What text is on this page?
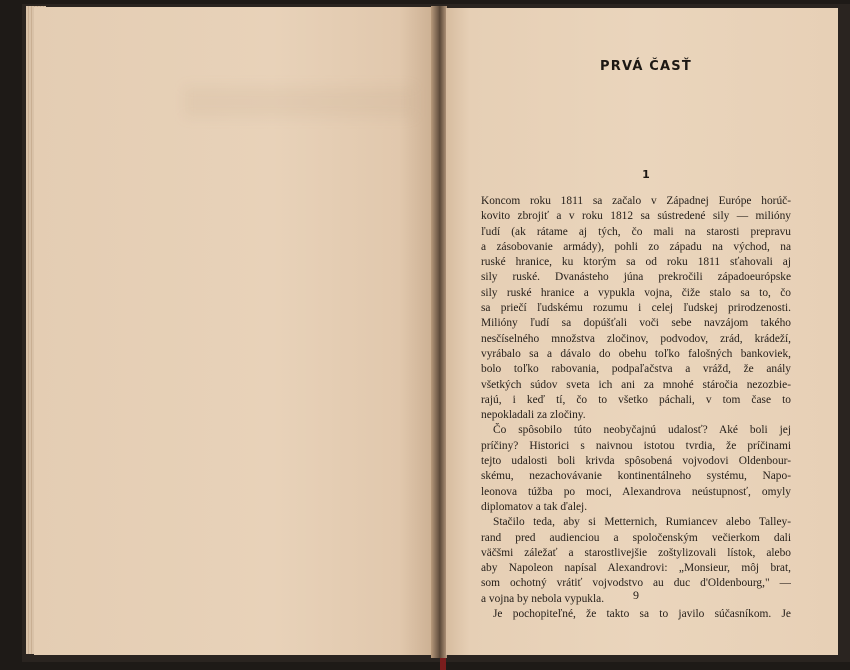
PRVÁ ČASŤ
1
Koncom roku 1811 sa začalo v Západnej Európe horúč-
kovito zbrojiť a v roku 1812 sa sústredené sily — milióny
ľudí (ak rátame aj tých, čo mali na starosti prepravu
a zásobovanie armády), pohli zo západu na východ, na
ruské hranice, ku ktorým sa od roku 1811 sťahovali aj
sily ruské. Dvanásteho júna prekročili západoeurópske
sily ruské hranice a vypukla vojna, čiže stalo sa to, čo
sa priečí ľudskému rozumu i celej ľudskej prirodzenosti.
Milióny ľudí sa dopúšťali voči sebe navzájom takého
nesčíselného množstva zločinov, podvodov, zrád, krádeží,
vyrábalo sa a dávalo do obehu toľko falošných bankoviek,
bolo toľko rabovania, podpaľačstva a vrážd, že anály
všetkých súdov sveta ich ani za mnohé stáročia nezozbie-
rajú, i keď tí, čo to všetko páchali, v tom čase to
nepokladali za zločiny.
Čo spôsobilo túto neobyčajnú udalosť? Aké boli jej
príčiny? Historici s naivnou istotou tvrdia, že príčinami
tejto udalosti boli krivda spôsobená vojvodovi Oldenbour-
skému, nezachovávanie kontinentálneho systému, Napo-
leonova túžba po moci, Alexandrova neústupnosť, omyly
diplomatov a tak ďalej.
Stačilo teda, aby si Metternich, Rumiancev alebo Talley-
rand pred audienciou a spoločenským večierkom dali
väčšmi záležať a starostlivejšie zoštylizovali lístok, alebo
aby Napoleon napísal Alexandrovi: „Monsieur, môj brat,
som ochotný vrátiť vojvodstvo au duc d'Oldenbourg," —
a vojna by nebola vypukla.
Je pochopiteľné, že takto sa to javilo súčasníkom. Je
9
